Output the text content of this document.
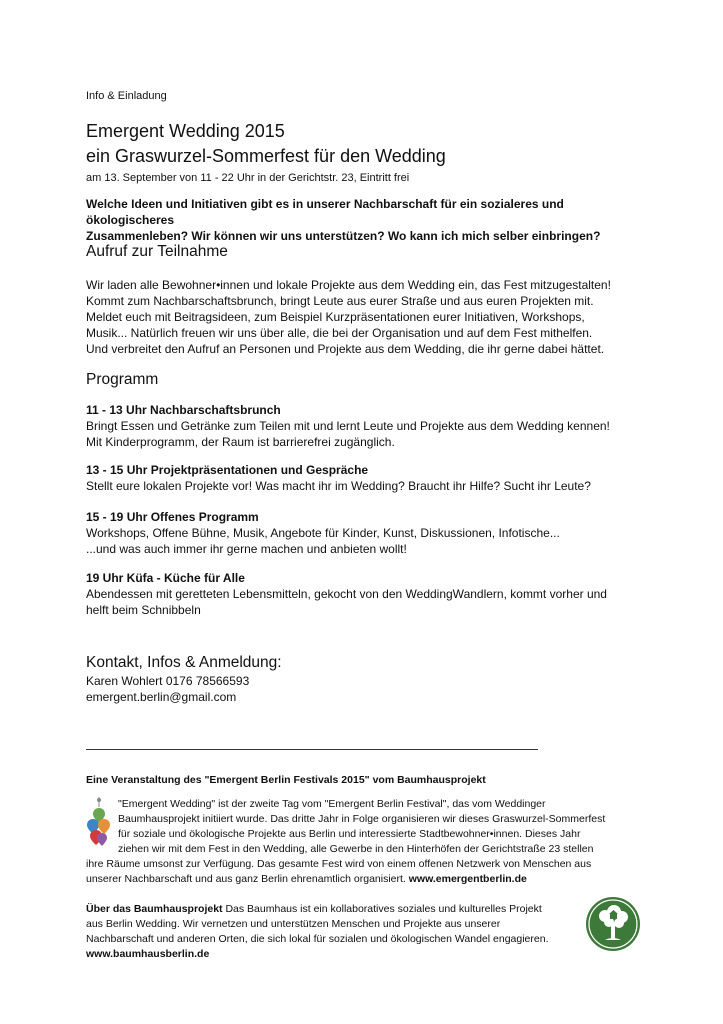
Info & Einladung
Emergent Wedding 2015
ein Graswurzel-Sommerfest für den Wedding
am 13. September von 11 - 22 Uhr in der Gerichtstr. 23, Eintritt frei

Welche Ideen und Initiativen gibt es in unserer Nachbarschaft für ein sozialeres und ökologischeres

Zusammenleben? Wir können wir uns unterstützen? Wo kann ich mich selber einbringen?

Aufruf zur Teilnahme

Wir laden alle Bewohner•innen und lokale Projekte aus dem Wedding ein, das Fest mitzugestalten!

Kommt zum Nachbarschaftsbrunch, bringt Leute aus eurer Straße und aus euren Projekten mit.

Meldet euch mit Beitragsideen, zum Beispiel Kurzpräsentationen eurer Initiativen, Workshops,

Musik... Natürlich freuen wir uns über alle, die bei der Organisation und auf dem Fest mithelfen.

Und verbreitet den Aufruf an Personen und Projekte aus dem Wedding, die ihr gerne dabei hättet.

Programm

11 - 13 Uhr Nachbarschaftsbrunch

Bringt Essen und Getränke zum Teilen mit und lernt Leute und Projekte aus dem Wedding kennen!

Mit Kinderprogramm, der Raum ist barrierefrei zugänglich.

13 - 15 Uhr Projektpräsentationen und Gespräche

Stellt eure lokalen Projekte vor! Was macht ihr im Wedding? Braucht ihr Hilfe? Sucht ihr Leute?

15 - 19 Uhr Offenes Programm

Workshops, Offene Bühne, Musik, Angebote für Kinder, Kunst, Diskussionen, Infotische...

...und was auch immer ihr gerne machen und anbieten wollt!

19 Uhr Küfa - Küche für Alle

Abendessen mit geretteten Lebensmitteln, gekocht von den WeddingWandlern, kommt vorher und

helft beim Schnibbeln

Kontakt, Infos & Anmeldung:

Karen Wohlert 0176 78566593

emergent.berlin@gmail.com

Eine Veranstaltung des "Emergent Berlin Festivals 2015" vom Baumhausprojekt

"Emergent Wedding" ist der zweite Tag vom "Emergent Berlin Festival", das vom Weddinger

Baumhausprojekt initiiert wurde. Das dritte Jahr in Folge organisieren wir dieses Graswurzel-Sommerfest

für soziale und ökologische Projekte aus Berlin und interessierte Stadtbewohner•innen. Dieses Jahr

ziehen wir mit dem Fest in den Wedding, alle Gewerbe in den Hinterhöfen der Gerichtstraße 23 stellen

ihre Räume umsonst zur Verfügung. Das gesamte Fest wird von einem offenen Netzwerk von Menschen aus

unserer Nachbarschaft und aus ganz Berlin ehrenamtlich organisiert. www.emergentberlin.de

Über das Baumhausprojekt Das Baumhaus ist ein kollaboratives soziales und kulturelles Projekt

aus Berlin Wedding. Wir vernetzen und unterstützen Menschen und Projekte aus unserer

Nachbarschaft und anderen Orten, die sich lokal für sozialen und ökologischen Wandel engagieren.

www.baumhausberlin.de
